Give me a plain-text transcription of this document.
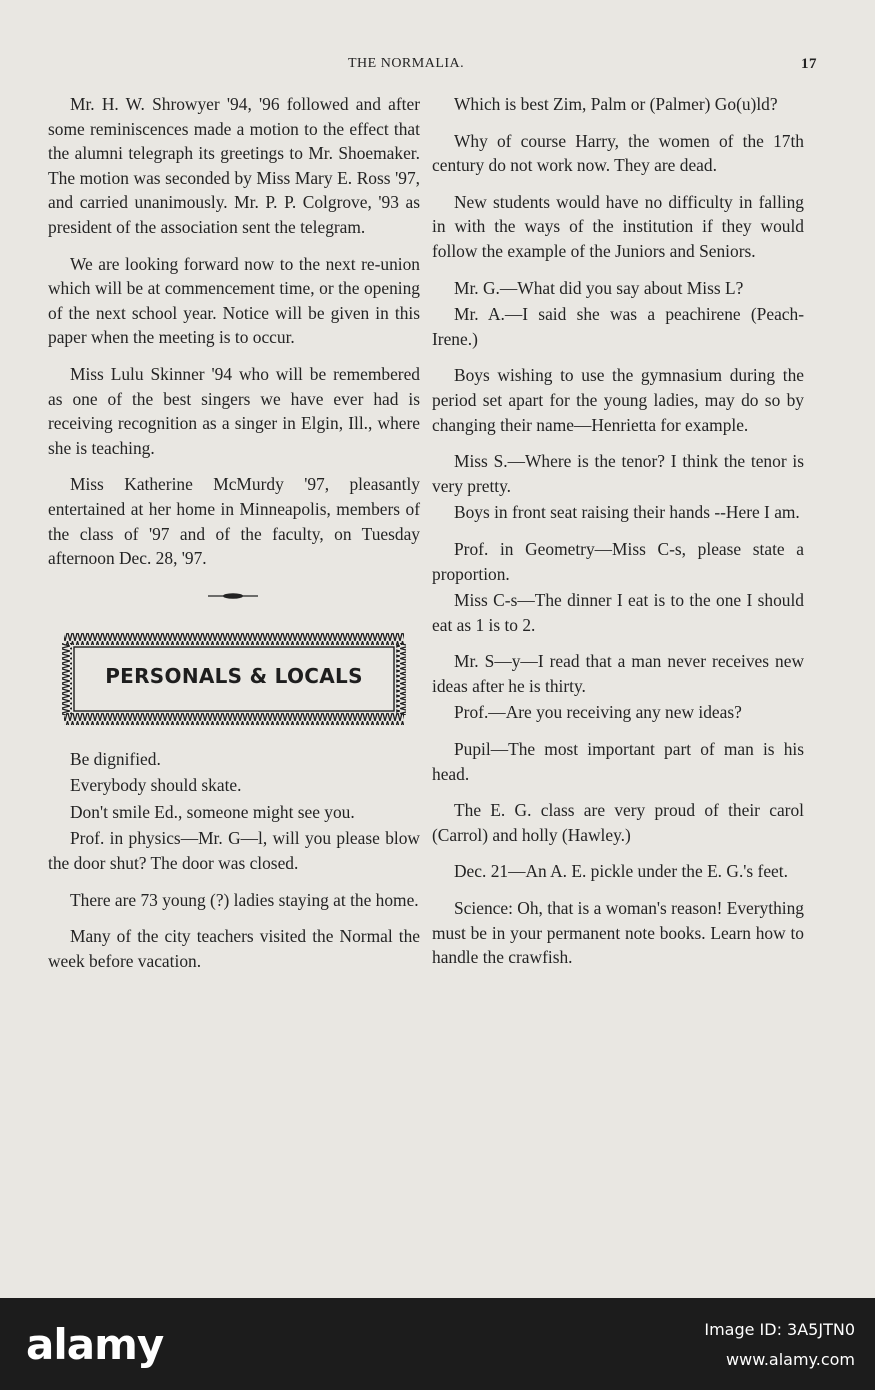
THE NORMALIA.	17

Mr. H. W. Shrowyer '94, '96 followed and after some reminiscences made a motion to the effect that the alumni telegraph its greetings to Mr. Shoemaker. The motion was seconded by Miss Mary E. Ross '97, and carried unanimously. Mr. P. P. Colgrove, '93 as president of the association sent the telegram.

We are looking forward now to the next re-union which will be at commencement time, or the opening of the next school year. Notice will be given in this paper when the meeting is to occur.

Miss Lulu Skinner '94 who will be remembered as one of the best singers we have ever had is receiving recognition as a singer in Elgin, Ill., where she is teaching.

Miss Katherine McMurdy '97, pleasantly entertained at her home in Minneapolis, members of the class of '97 and of the faculty, on Tuesday afternoon Dec. 28, '97.

PERSONALS & LOCALS

Be dignified.

Everybody should skate.

Don't smile Ed., someone might see you.

Prof. in physics—Mr. G—l, will you please blow the door shut? The door was closed.

There are 73 young (?) ladies staying at the home.

Many of the city teachers visited the Normal the week before vacation.

Which is best Zim, Palm or (Palmer) Go(u)ld?

Why of course Harry, the women of the 17th century do not work now. They are dead.

New students would have no difficulty in falling in with the ways of the institution if they would follow the example of the Juniors and Seniors.

Mr. G.—What did you say about Miss L?

Mr. A.—I said she was a peachirene (Peach-Irene.)

Boys wishing to use the gymnasium during the period set apart for the young ladies, may do so by changing their name—Henrietta for example.

Miss S.—Where is the tenor? I think the tenor is very pretty.

Boys in front seat raising their hands --Here I am.

Prof. in Geometry—Miss C-s, please state a proportion.

Miss C-s—The dinner I eat is to the one I should eat as 1 is to 2.

Mr. S—y—I read that a man never receives new ideas after he is thirty.

Prof.—Are you receiving any new ideas?

Pupil—The most important part of man is his head.

The E. G. class are very proud of their carol (Carrol) and holly (Hawley.)

Dec. 21—An A. E. pickle under the E. G.'s feet.

Science: Oh, that is a woman's reason! Everything must be in your permanent note books. Learn how to handle the crawfish.

alamy	Image ID: 3A5JTN0
www.alamy.com
